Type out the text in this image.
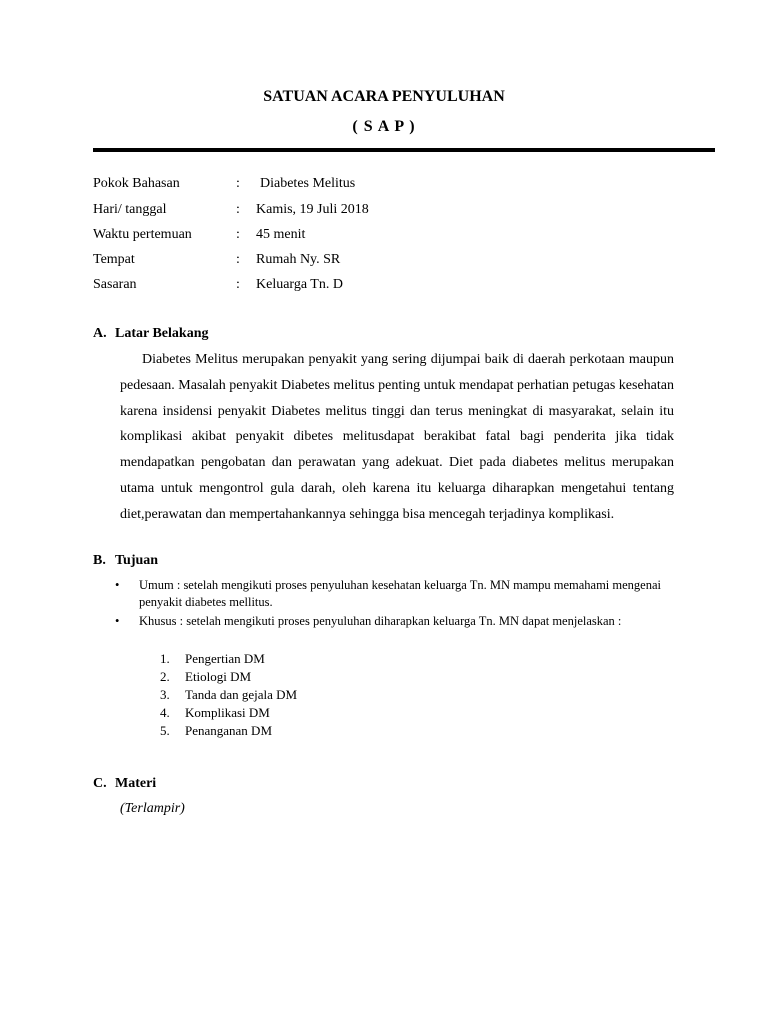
SATUAN ACARA PENYULUHAN
( S A P )
Pokok Bahasan	: Diabetes Melitus
Hari/ tanggal	: Kamis, 19 Juli 2018
Waktu pertemuan	: 45 menit
Tempat	: Rumah Ny. SR
Sasaran	: Keluarga Tn. D
A. Latar Belakang
Diabetes Melitus merupakan penyakit yang sering dijumpai baik di daerah perkotaan maupun pedesaan. Masalah penyakit Diabetes melitus penting untuk mendapat perhatian petugas kesehatan karena insidensi penyakit Diabetes melitus tinggi dan terus meningkat di masyarakat, selain itu komplikasi akibat penyakit dibetes melitusdapat berakibat fatal bagi penderita jika tidak mendapatkan pengobatan dan perawatan yang adekuat. Diet pada diabetes melitus merupakan utama untuk mengontrol gula darah, oleh karena itu keluarga diharapkan mengetahui tentang diet,perawatan dan mempertahankannya sehingga bisa mencegah terjadinya komplikasi.
B. Tujuan
• Umum : setelah mengikuti proses penyuluhan kesehatan keluarga Tn. MN mampu memahami mengenai penyakit diabetes mellitus.
• Khusus : setelah mengikuti proses penyuluhan diharapkan keluarga Tn. MN dapat menjelaskan :
1.	Pengertian DM
2.	Etiologi DM
3.	Tanda dan gejala DM
4.	Komplikasi DM
5.	Penanganan DM
C. Materi
(Terlampir)
